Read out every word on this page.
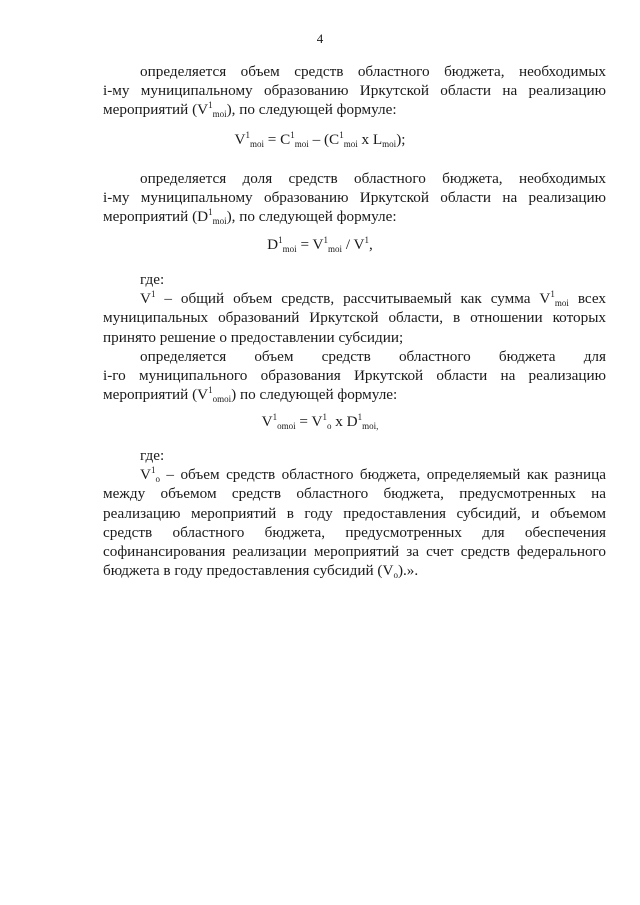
4

определяется объем средств областного бюджета, необходимых

i-му муниципальному образованию Иркутской области на реализацию

мероприятий $(V^1_{moi})$, по следующей формуле:

$V^1_{moi} = C^1_{moi} - (C^1_{moi}$ x $L_{moi}$);

определяется доля средств областного бюджета, необходимых

i-му муниципальному образованию Иркутской области на реализацию

мероприятий $(D^1_{moi})$, по следующей формуле:

$D^1_{moi} = V^1_{moi} / V^1$,

где:

$V^1$ – общий объем средств, рассчитываемый как сумма $V^1_{moi}$ всех

муниципальных образований Иркутской области, в отношении которых

принято решение о предоставлении субсидии;

определяется объем средств областного бюджета для

i-го муниципального образования Иркутской области на реализацию

мероприятий $(V^1_{omoi})$ по следующей формуле:

$V^1_{omoi} = V^1_o$ x $D^1_{moi,}$

где:

$V^1_o$ – объем средств областного бюджета, определяемый как разница

между объемом средств областного бюджета, предусмотренных на

реализацию мероприятий в году предоставления субсидий, и объемом

средств областного бюджета, предусмотренных для обеспечения

софинансирования реализации мероприятий за счет средств федерального

бюджета в году предоставления субсидий $(V_o)$.».
